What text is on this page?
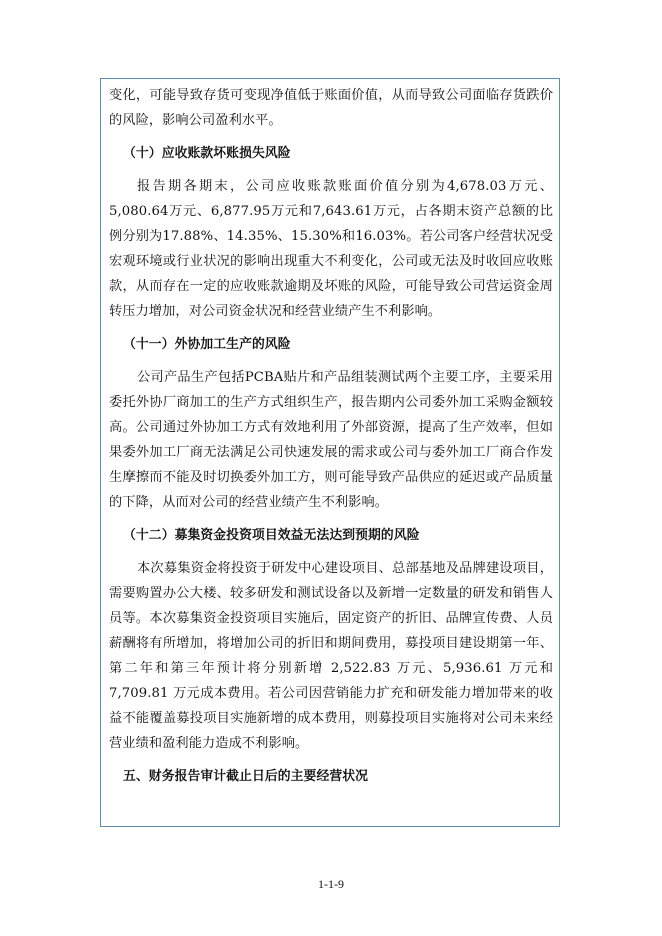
变化，可能导致存货可变现净值低于账面价值，从而导致公司面临存货跌价的风险，影响公司盈利水平。

（十）应收账款坏账损失风险

报告期各期末，公司应收账款账面价值分别为4,678.03万元、5,080.64万元、6,877.95万元和7,643.61万元，占各期末资产总额的比例分别为17.88%、14.35%、15.30%和16.03%。若公司客户经营状况受宏观环境或行业状况的影响出现重大不利变化，公司或无法及时收回应收账款，从而存在一定的应收账款逾期及坏账的风险，可能导致公司营运资金周转压力增加，对公司资金状况和经营业绩产生不利影响。

（十一）外协加工生产的风险

公司产品生产包括PCBA贴片和产品组装测试两个主要工序，主要采用委托外协厂商加工的生产方式组织生产，报告期内公司委外加工采购金额较高。公司通过外协加工方式有效地利用了外部资源，提高了生产效率，但如果委外加工厂商无法满足公司快速发展的需求或公司与委外加工厂商合作发生摩擦而不能及时切换委外加工方，则可能导致产品供应的延迟或产品质量的下降，从而对公司的经营业绩产生不利影响。

（十二）募集资金投资项目效益无法达到预期的风险

本次募集资金将投资于研发中心建设项目、总部基地及品牌建设项目，需要购置办公大楼、较多研发和测试设备以及新增一定数量的研发和销售人员等。本次募集资金投资项目实施后，固定资产的折旧、品牌宣传费、人员薪酬将有所增加，将增加公司的折旧和期间费用，募投项目建设期第一年、第二年和第三年预计将分别新增 2,522.83 万元、5,936.61 万元和 7,709.81 万元成本费用。若公司因营销能力扩充和研发能力增加带来的收益不能覆盖募投项目实施新增的成本费用，则募投项目实施将对公司未来经营业绩和盈利能力造成不利影响。

五、财务报告审计截止日后的主要经营状况

1-1-9
